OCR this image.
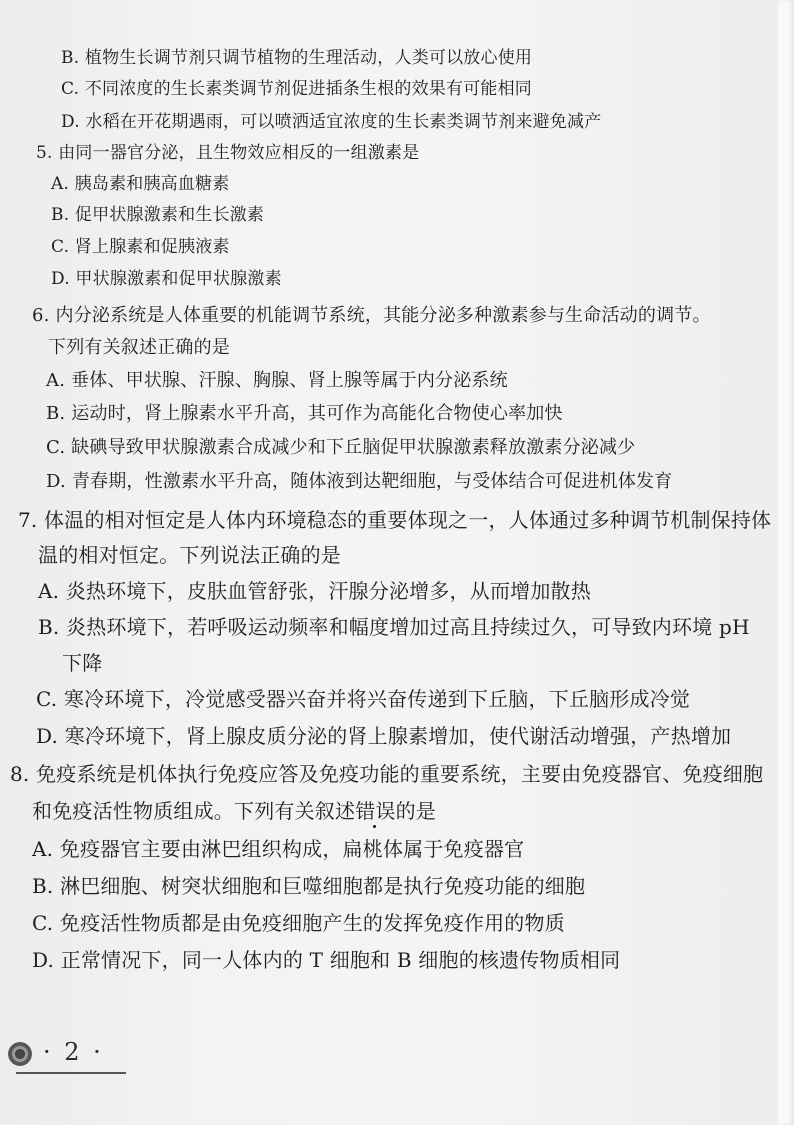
B. 植物生长调节剂只调节植物的生理活动，人类可以放心使用
C. 不同浓度的生长素类调节剂促进插条生根的效果有可能相同
D. 水稻在开花期遇雨，可以喷洒适宜浓度的生长素类调节剂来避免减产
5. 由同一器官分泌，且生物效应相反的一组激素是
A. 胰岛素和胰高血糖素
B. 促甲状腺激素和生长激素
C. 肾上腺素和促胰液素
D. 甲状腺激素和促甲状腺激素
6. 内分泌系统是人体重要的机能调节系统，其能分泌多种激素参与生命活动的调节。
下列有关叙述正确的是
A. 垂体、甲状腺、汗腺、胸腺、肾上腺等属于内分泌系统
B. 运动时，肾上腺素水平升高，其可作为高能化合物使心率加快
C. 缺碘导致甲状腺激素合成减少和下丘脑促甲状腺激素释放激素分泌减少
D. 青春期，性激素水平升高，随体液到达靶细胞，与受体结合可促进机体发育
7. 体温的相对恒定是人体内环境稳态的重要体现之一，人体通过多种调节机制保持体
温的相对恒定。下列说法正确的是
A. 炎热环境下，皮肤血管舒张，汗腺分泌增多，从而增加散热
B. 炎热环境下，若呼吸运动频率和幅度增加过高且持续过久，可导致内环境 pH
下降
C. 寒冷环境下，冷觉感受器兴奋并将兴奋传递到下丘脑，下丘脑形成冷觉
D. 寒冷环境下，肾上腺皮质分泌的肾上腺素增加，使代谢活动增强，产热增加
8. 免疫系统是机体执行免疫应答及免疫功能的重要系统，主要由免疫器官、免疫细胞
和免疫活性物质组成。下列有关叙述错误的是
A. 免疫器官主要由淋巴组织构成，扁桃体属于免疫器官
B. 淋巴细胞、树突状细胞和巨噬细胞都是执行免疫功能的细胞
C. 免疫活性物质都是由免疫细胞产生的发挥免疫作用的物质
D. 正常情况下，同一人体内的 T 细胞和 B 细胞的核遗传物质相同
· 2 ·
